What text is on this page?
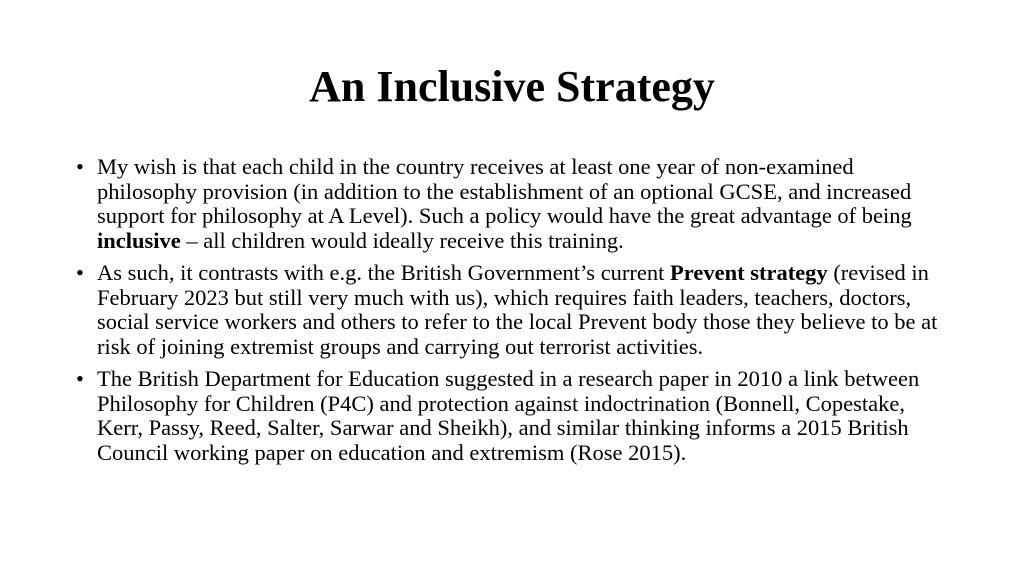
An Inclusive Strategy
• My wish is that each child in the country receives at least one year of non-examined philosophy provision (in addition to the establishment of an optional GCSE, and increased support for philosophy at A Level). Such a policy would have the great advantage of being inclusive – all children would ideally receive this training.
• As such, it contrasts with e.g. the British Government’s current Prevent strategy (revised in February 2023 but still very much with us), which requires faith leaders, teachers, doctors, social service workers and others to refer to the local Prevent body those they believe to be at risk of joining extremist groups and carrying out terrorist activities.
• The British Department for Education suggested in a research paper in 2010 a link between Philosophy for Children (P4C) and protection against indoctrination (Bonnell, Copestake, Kerr, Passy, Reed, Salter, Sarwar and Sheikh), and similar thinking informs a 2015 British Council working paper on education and extremism (Rose 2015).
